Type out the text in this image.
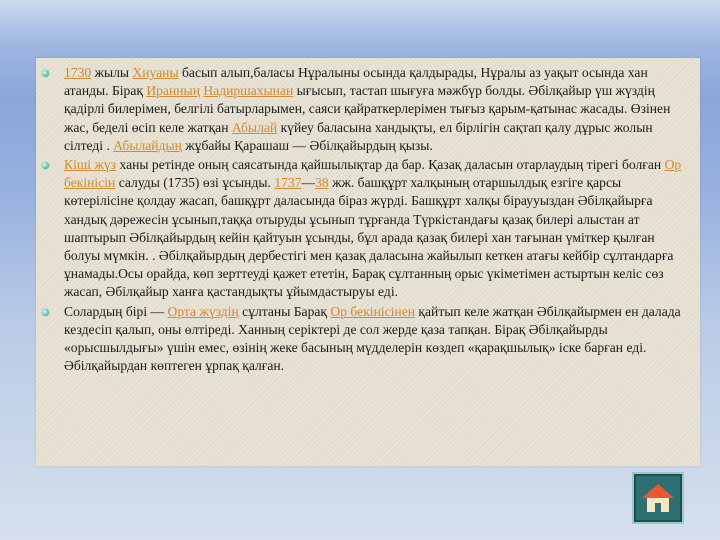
1730 жылы Хиуаны басып алып,баласы Нұралыны осында қалдырады, Нұралы аз уақыт осында хан атанды. Бірақ Иранның Надиршахынан ығысып, тастап шығуға мәжбүр болды. Әбілқайыр үш жүздің қадірлі билерімен, белгілі батырларымен, саяси қайраткерлерімен тығыз қарым-қатынас жасады. Өзінен жас, беделі өсіп келе жатқан Абылай күйеу баласына хандықты, ел бірлігін сақтап қалу дұрыс жолын сілтеді . Абылайдың жұбайы Қарашаш — Әбілқайырдың қызы.
Кіші жүз ханы ретінде оның саясатында қайшылықтар да бар. Қазақ даласын отарлаудың тірегі болған Ор бекінісін салуды (1735) өзі ұсынды. 1737—38 жж. башқұрт халқының отаршылдық езгіге қарсы көтерілісіне қолдау жасап, башқұрт даласында біраз жүрді. Башқұрт халқы біраууыздан Әбілқайырға хандық дәрежесін ұсынып,таққа отыруды ұсынып тұрғанда Түркістандағы қазақ билері алыстан ат шаптырып Әбілқайырдың кейін қайтуын ұсынды, бұл арада қазақ билері хан тағынан үміткер қылған болуы мүмкін. . Әбілқайырдың дербестігі мен қазақ даласына жайылып кеткен атағы кейбір сұлтандарға ұнамады.Осы орайда, көп зерттеуді қажет ететін, Барақ сұлтанның орыс үкіметімен астыртын келіс сөз жасап, Әбілқайыр ханға қастандықты ұйымдастыруы еді.
Солардың бірі — Орта жүздің сұлтаны Барақ Ор бекінісінен қайтып келе жатқан Әбілқайырмен ен далада кездесіп қалып, оны өлтіреді. Ханның серіктері де сол жерде қаза тапқан. Бірақ Әбілқайырды «орысшылдығы» үшін емес, өзінің жеке басының мүдделерін көздеп «қарақшылық» іске барған еді. Әбілқайырдан көптеген ұрпақ қалған.
